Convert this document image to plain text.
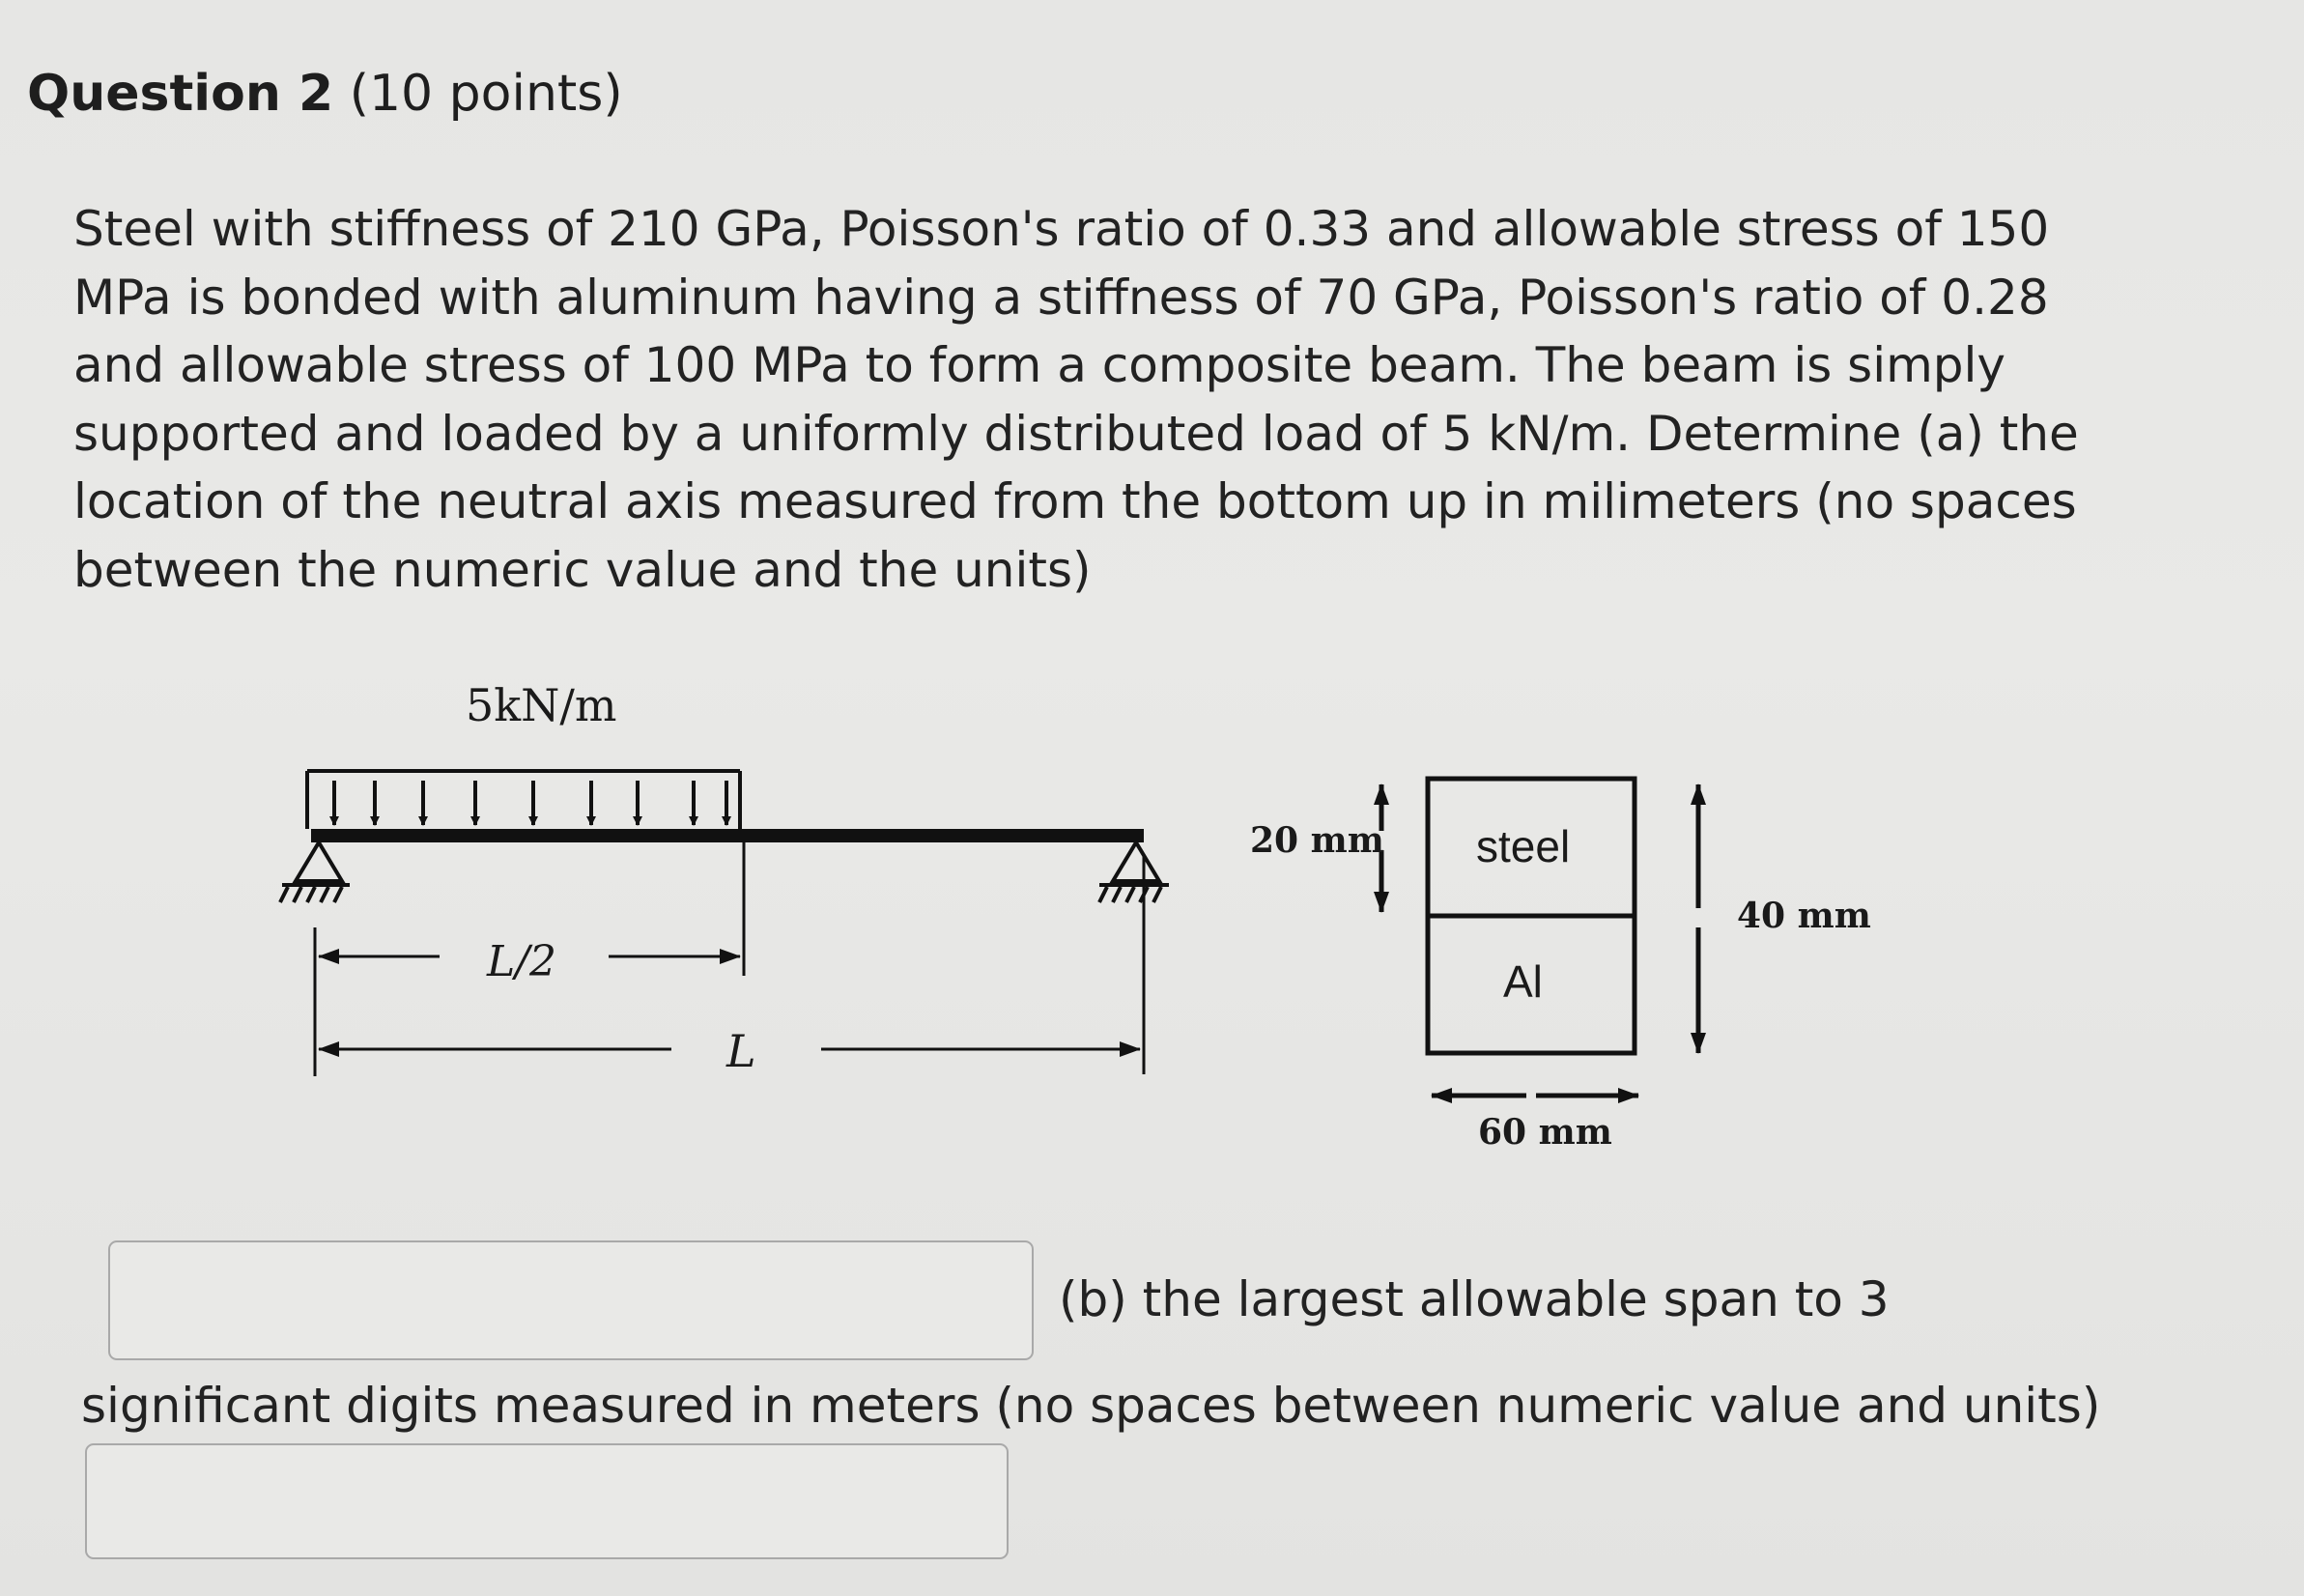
Question 2 (10 points)
Steel with stiffness of 210 GPa, Poisson's ratio of 0.33 and allowable stress of 150 MPa is bonded with aluminum having a stiffness of 70 GPa, Poisson's ratio of 0.28 and allowable stress of 100 MPa to form a composite beam. The beam is simply supported and loaded by a uniformly distributed load of 5 kN/m. Determine (a) the location of the neutral axis measured from the bottom up in milimeters (no spaces between the numeric value and the units)
5kN/m
L/2
L
steel
Al
20 mm
40 mm
60 mm
(b) the largest allowable span to 3
significant digits measured in meters (no spaces between numeric value and units)
